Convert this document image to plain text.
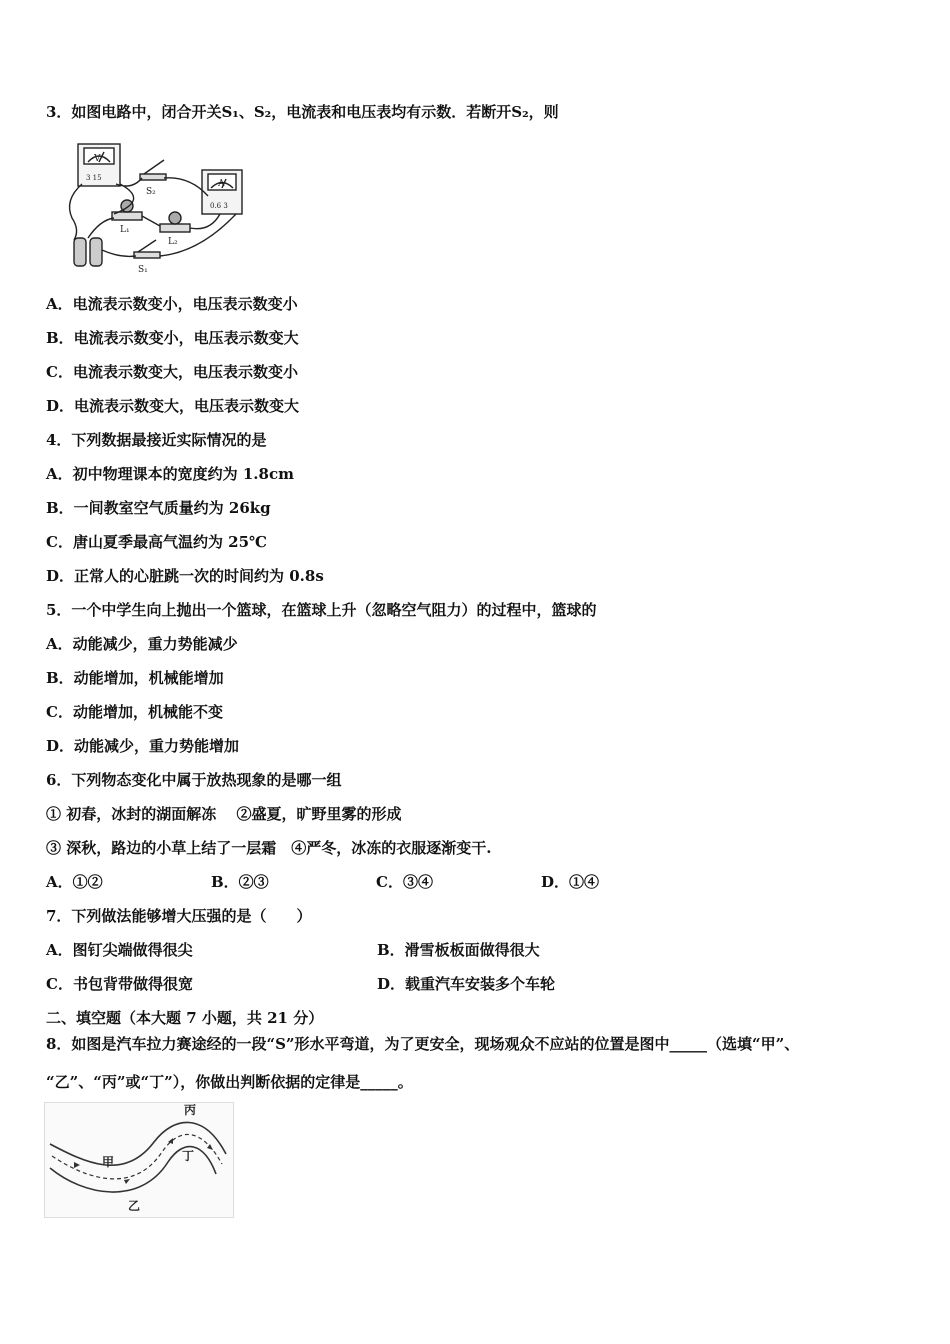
3．如图电路中，闭合开关S₁、S₂，电流表和电压表均有示数．若断开S₂，则
V
A
3 15
0.6 3
S₂
L₁
L₂
S₁
A．电流表示数变小，电压表示数变小
B．电流表示数变小，电压表示数变大
C．电流表示数变大，电压表示数变小
D．电流表示数变大，电压表示数变大
4．下列数据最接近实际情况的是
A．初中物理课本的宽度约为 1.8cm
B．一间教室空气质量约为 26kg
C．唐山夏季最高气温约为 25℃
D．正常人的心脏跳一次的时间约为 0.8s
5．一个中学生向上抛出一个篮球，在篮球上升（忽略空气阻力）的过程中，篮球的
A．动能减少，重力势能减少
B．动能增加，机械能增加
C．动能增加，机械能不变
D．动能减少，重力势能增加
6．下列物态变化中属于放热现象的是哪一组
① 初春，冰封的湖面解冻　 ②盛夏，旷野里雾的形成
③ 深秋，路边的小草上结了一层霜　④严冬，冰冻的衣服逐渐变干.
A．①②	B．②③	C．③④	D．①④
7．下列做法能够增大压强的是（　　）
A．图钉尖端做得很尖	B．滑雪板板面做得很大
C．书包背带做得很宽	D．载重汽车安装多个车轮
二、填空题（本大题 7 小题，共 21 分）
8．如图是汽车拉力赛途经的一段“S”形水平弯道，为了更安全，现场观众不应站的位置是图中_____（选填“甲”、
“乙”、“丙”或“丁”），你做出判断依据的定律是_____。
甲
乙
丙
丁
